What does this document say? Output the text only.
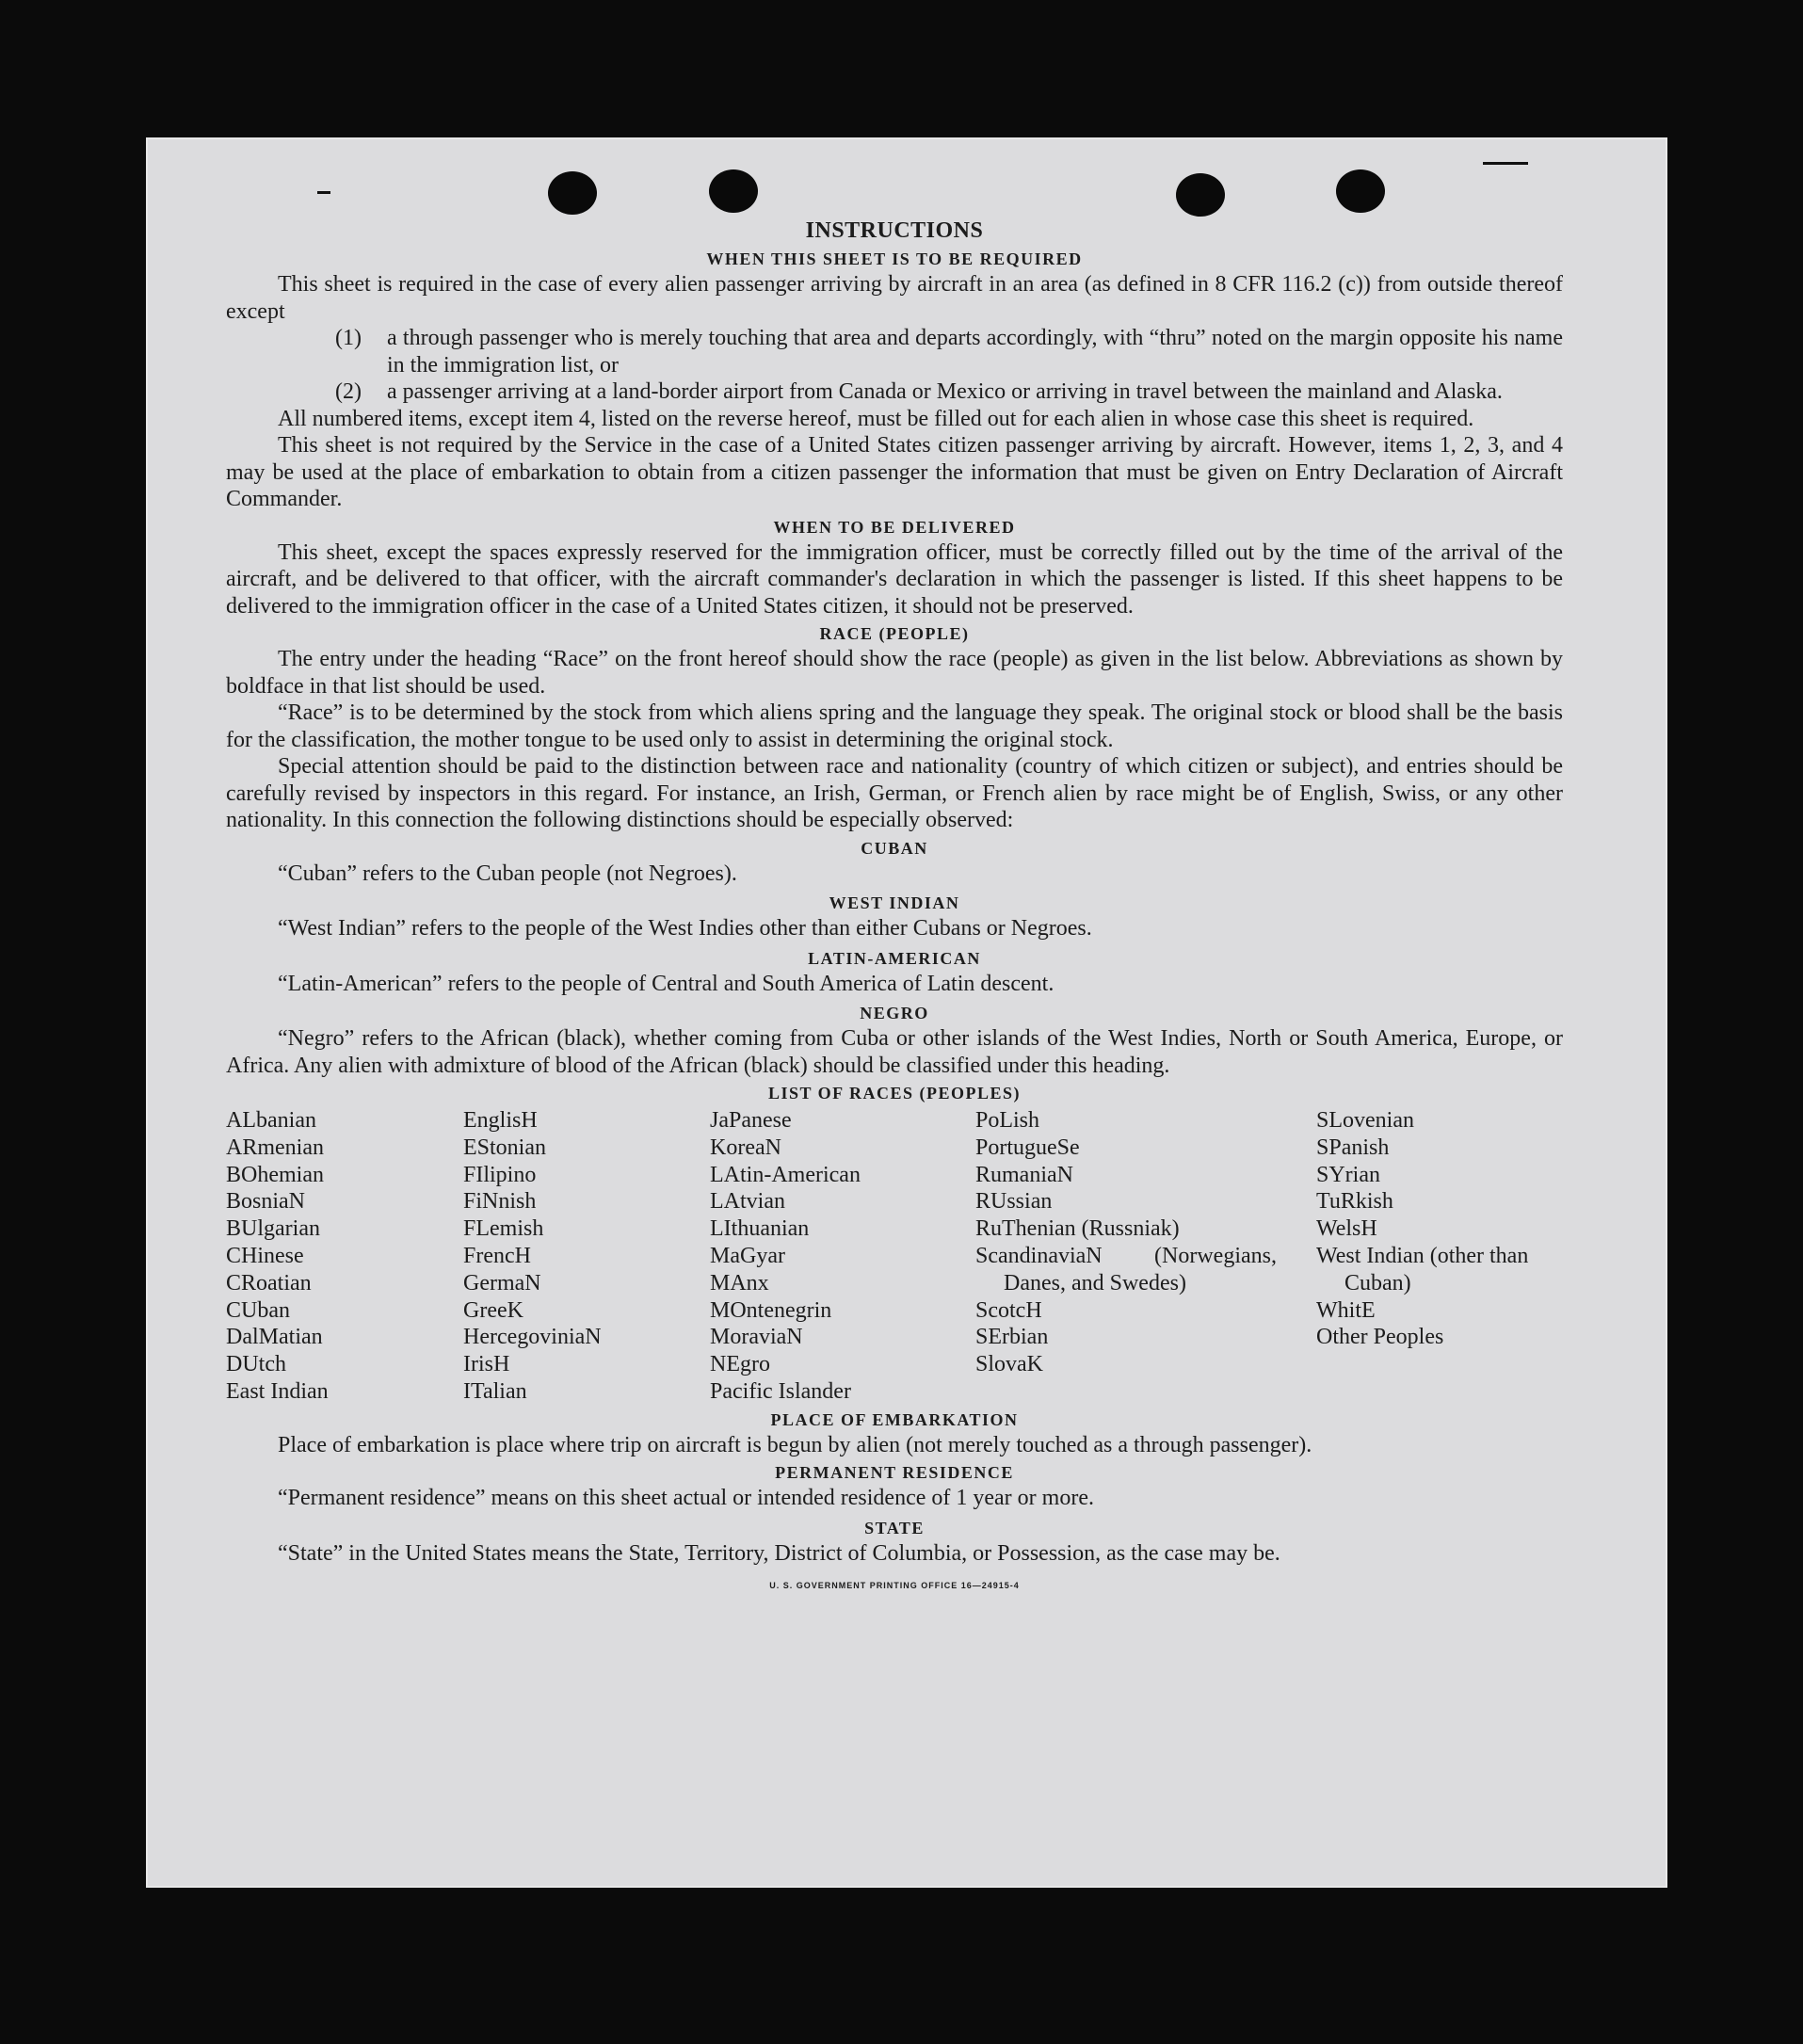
INSTRUCTIONS
WHEN THIS SHEET IS TO BE REQUIRED

This sheet is required in the case of every alien passenger arriving by aircraft in an area (as defined in 8 CFR 116.2 (c)) from outside thereof except

(1)	a through passenger who is merely touching that area and departs accordingly, with “thru” noted on the margin opposite his name in the immigration list, or
(2)	a passenger arriving at a land-border airport from Canada or Mexico or arriving in travel between the mainland and Alaska.

All numbered items, except item 4, listed on the reverse hereof, must be filled out for each alien in whose case this sheet is required.

This sheet is not required by the Service in the case of a United States citizen passenger arriving by aircraft. However, items 1, 2, 3, and 4 may be used at the place of embarkation to obtain from a citizen passenger the information that must be given on Entry Declaration of Aircraft Commander.

WHEN TO BE DELIVERED

This sheet, except the spaces expressly reserved for the immigration officer, must be correctly filled out by the time of the arrival of the aircraft, and be delivered to that officer, with the aircraft commander's declaration in which the passenger is listed. If this sheet happens to be delivered to the immigration officer in the case of a United States citizen, it should not be preserved.

RACE (PEOPLE)

The entry under the heading “Race” on the front hereof should show the race (people) as given in the list below. Abbreviations as shown by boldface in that list should be used.

“Race” is to be determined by the stock from which aliens spring and the language they speak. The original stock or blood shall be the basis for the classification, the mother tongue to be used only to assist in determining the original stock.

Special attention should be paid to the distinction between race and nationality (country of which citizen or subject), and entries should be carefully revised by inspectors in this regard. For instance, an Irish, German, or French alien by race might be of English, Swiss, or any other nationality. In this connection the following distinctions should be especially observed:

CUBAN

“Cuban” refers to the Cuban people (not Negroes).

WEST INDIAN

“West Indian” refers to the people of the West Indies other than either Cubans or Negroes.

LATIN-AMERICAN

“Latin-American” refers to the people of Central and South America of Latin descent.

NEGRO

“Negro” refers to the African (black), whether coming from Cuba or other islands of the West Indies, North or South America, Europe, or Africa. Any alien with admixture of blood of the African (black) should be classified under this heading.

LIST OF RACES (PEOPLES)
ALbanian
ARmenian
BOhemian
BosniaN
BUlgarian
CHinese
CRoatian
CUban
DalMatian
DUtch
East Indian
EnglisH
EStonian
FIlipino
FiNnish
FLemish
FrencH
GermaN
GreeK
HercegoviniaN
IrisH
ITalian
JaPanese
KoreaN
LAtin-American
LAtvian
LIthuanian
MaGyar
MAnx
MOntenegrin
MoraviaN
NEgro
Pacific Islander
PoLish
PortugueSe
RumaniaN
RUssian
RuThenian (Russniak)
ScandinaviaN (Norwegians, Danes, and Swedes)
ScotcH
SErbian
SlovaK
SLovenian
SPanish
SYrian
TuRkish
WelsH
West Indian (other than Cuban)
WhitE
Other Peoples
PLACE OF EMBARKATION

Place of embarkation is place where trip on aircraft is begun by alien (not merely touched as a through passenger).

PERMANENT RESIDENCE

“Permanent residence” means on this sheet actual or intended residence of 1 year or more.

STATE

“State” in the United States means the State, Territory, District of Columbia, or Possession, as the case may be.

U. S. GOVERNMENT PRINTING OFFICE 16—24915-4
